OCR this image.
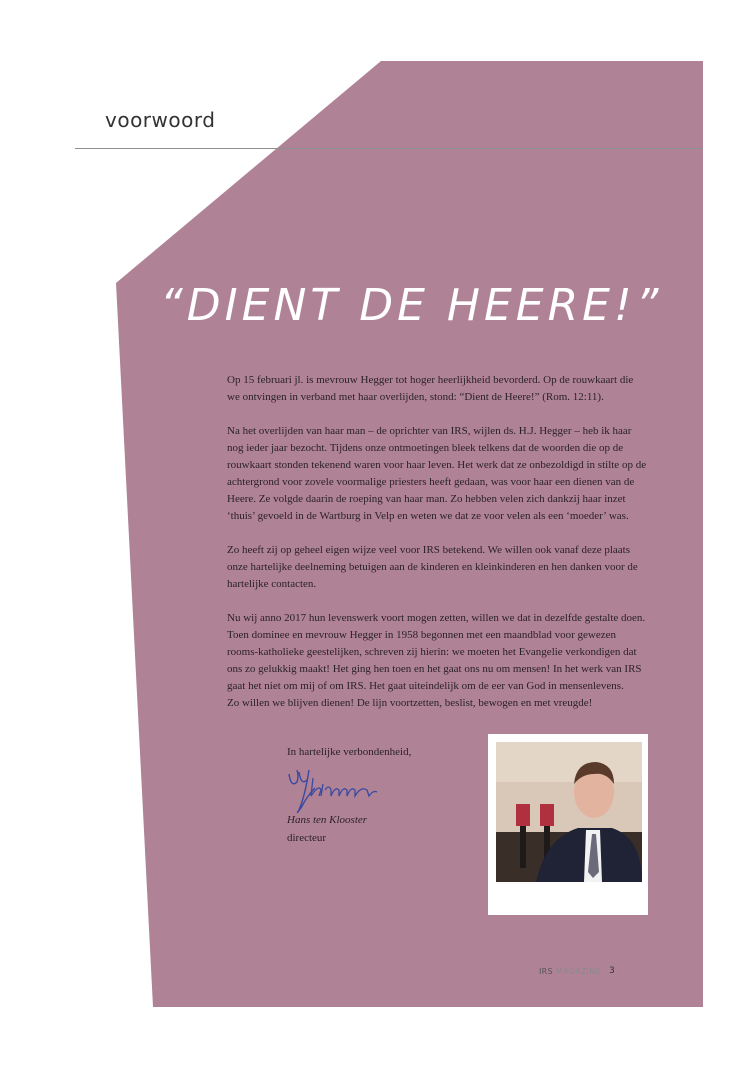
voorwoord
“DIENT DE HEERE!”

Op 15 februari jl. is mevrouw Hegger tot hoger heerlijkheid bevorderd. Op de rouwkaart die we ontvingen in verband met haar overlijden, stond: “Dient de Heere!” (Rom. 12:11).

Na het overlijden van haar man – de oprichter van IRS, wijlen ds. H.J. Hegger – heb ik haar nog ieder jaar bezocht. Tijdens onze ontmoetingen bleek telkens dat de woorden die op de rouwkaart stonden tekenend waren voor haar leven. Het werk dat ze onbezoldigd in stilte op de achtergrond voor zovele voormalige priesters heeft gedaan, was voor haar een dienen van de Heere. Ze volgde daarin de roeping van haar man. Zo hebben velen zich dankzij haar inzet ‘thuis’ gevoeld in de Wartburg in Velp en weten we dat ze voor velen als een ‘moeder’ was.

Zo heeft zij op geheel eigen wijze veel voor IRS betekend. We willen ook vanaf deze plaats onze hartelijke deelneming betuigen aan de kinderen en kleinkinderen en hen danken voor de hartelijke contacten.

Nu wij anno 2017 hun levenswerk voort mogen zetten, willen we dat in dezelfde gestalte doen. Toen dominee en mevrouw Hegger in 1958 begonnen met een maandblad voor gewezen rooms-katholieke geestelijken, schreven zij hierin: we moeten het Evangelie verkondigen dat ons zo gelukkig maakt! Het ging hen toen en het gaat ons nu om mensen! In het werk van IRS gaat het niet om mij of om IRS. Het gaat uiteindelijk om de eer van God in mensenlevens.

Zo willen we blijven dienen! De lijn voortzetten, beslist, bewogen en met vreugde!

In hartelijke verbondenheid,
Hans ten Klooster
directeur
IRS MAGAZINE 3
